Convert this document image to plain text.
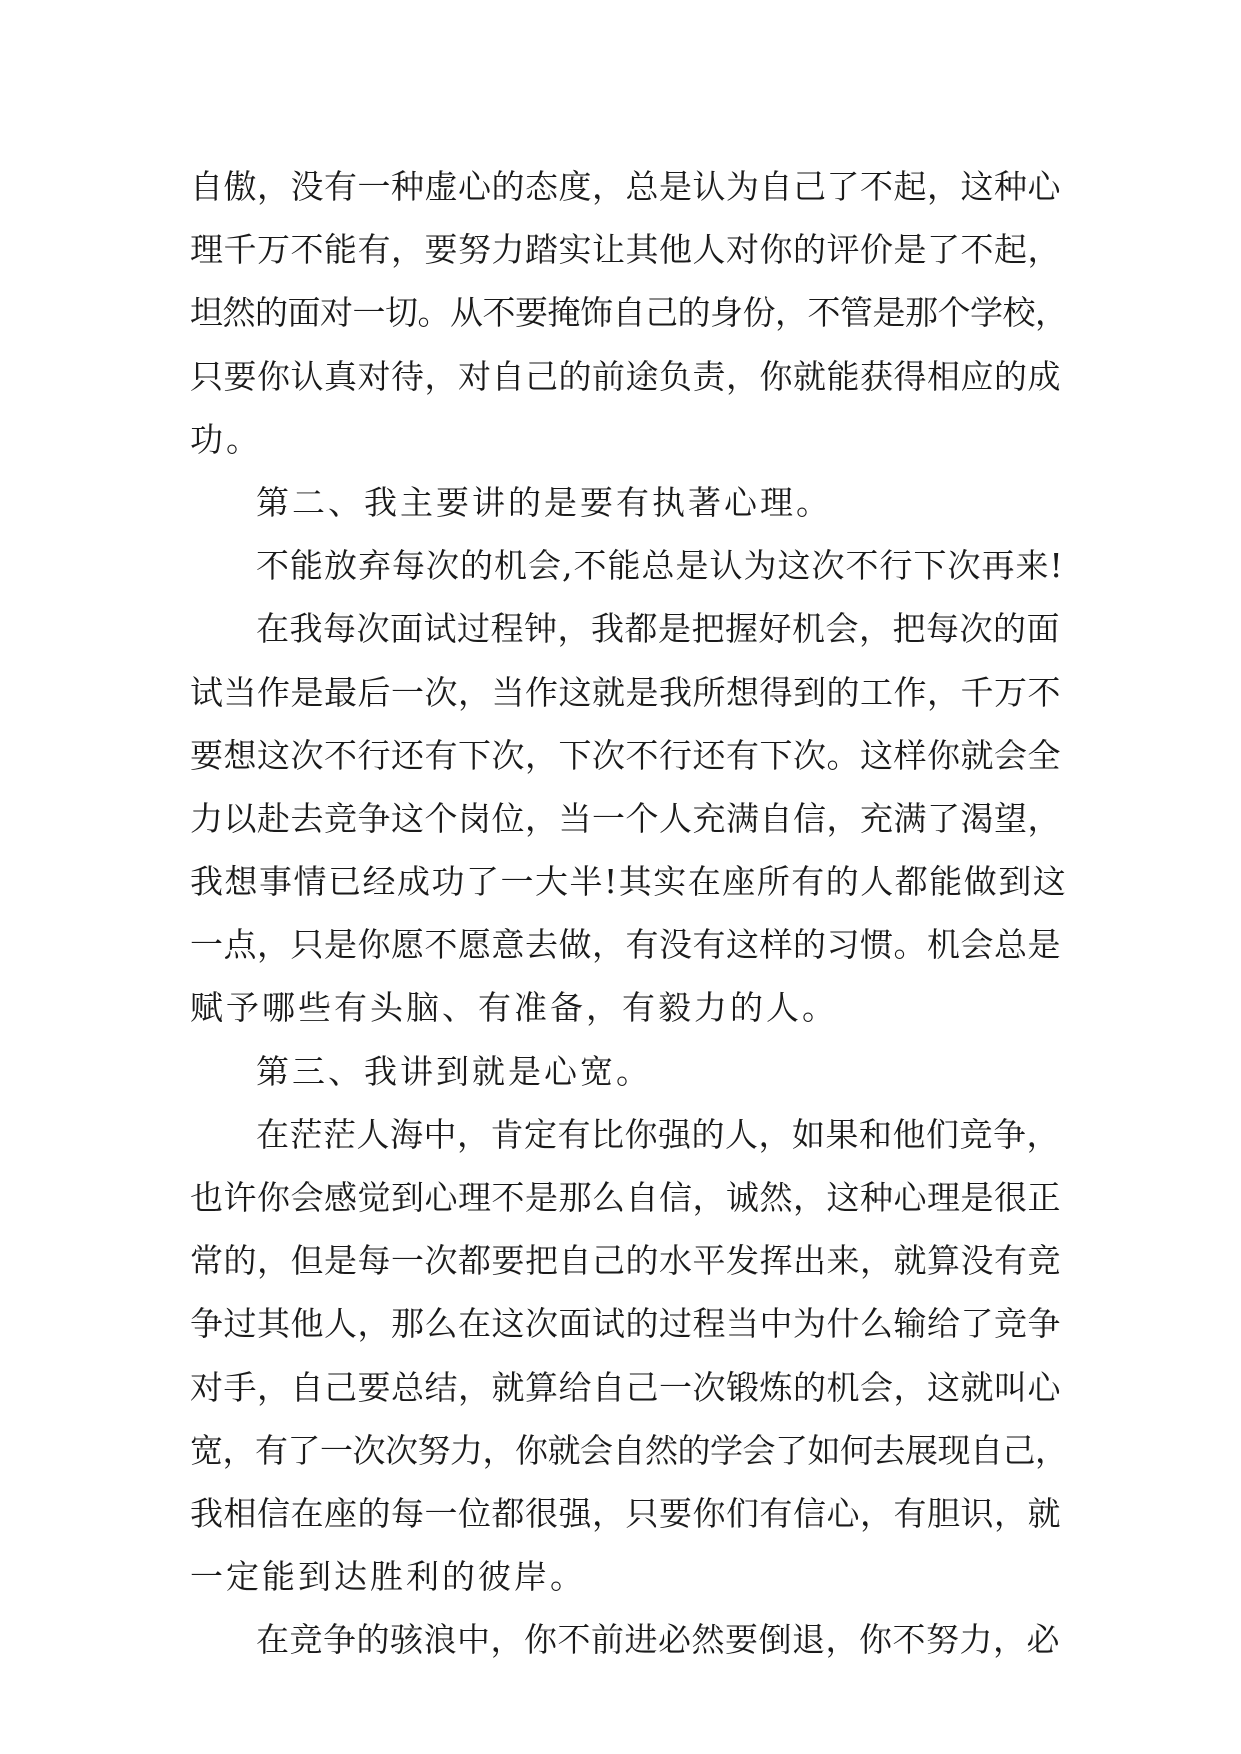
自傲，没有一种虚心的态度，总是认为自己了不起，这种心
理千万不能有，要努力踏实让其他人对你的评价是了不起，
坦然的面对一切。从不要掩饰自己的身份，不管是那个学校，
只要你认真对待，对自己的前途负责，你就能获得相应的成
功。
第二、我主要讲的是要有执著心理。
不能放弃每次的机会,不能总是认为这次不行下次再来!
在我每次面试过程钟，我都是把握好机会，把每次的面
试当作是最后一次，当作这就是我所想得到的工作，千万不
要想这次不行还有下次，下次不行还有下次。这样你就会全
力以赴去竞争这个岗位，当一个人充满自信，充满了渴望，
我想事情已经成功了一大半!其实在座所有的人都能做到这
一点，只是你愿不愿意去做，有没有这样的习惯。机会总是
赋予哪些有头脑、有准备，有毅力的人。
第三、我讲到就是心宽。
在茫茫人海中，肯定有比你强的人，如果和他们竞争，
也许你会感觉到心理不是那么自信，诚然，这种心理是很正
常的，但是每一次都要把自己的水平发挥出来，就算没有竞
争过其他人，那么在这次面试的过程当中为什么输给了竞争
对手，自己要总结，就算给自己一次锻炼的机会，这就叫心
宽，有了一次次努力，你就会自然的学会了如何去展现自己，
我相信在座的每一位都很强，只要你们有信心，有胆识，就
一定能到达胜利的彼岸。
在竞争的骇浪中，你不前进必然要倒退，你不努力，必
